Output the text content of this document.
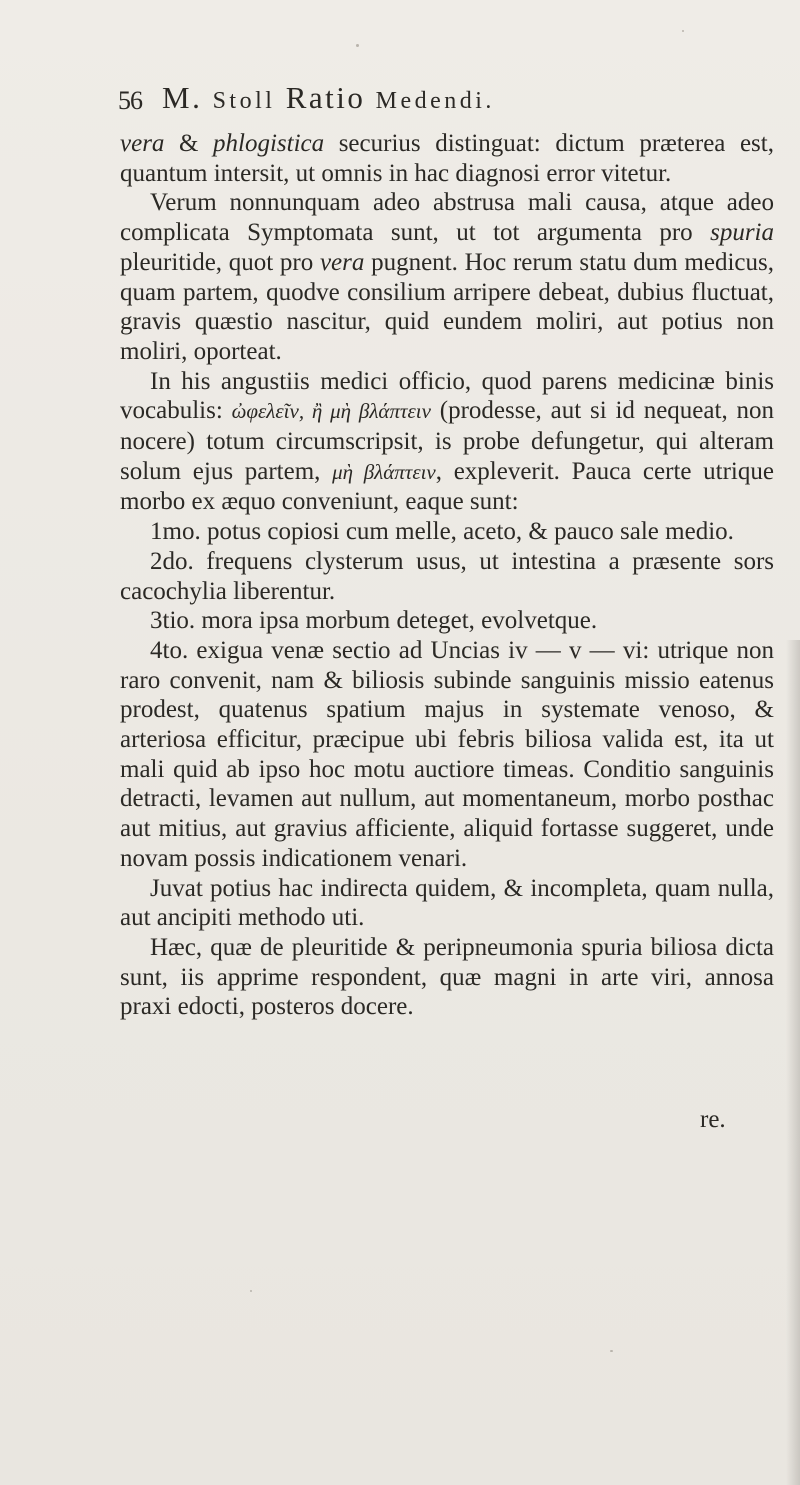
56 M. Stoll Ratio Medendi.

vera & phlogistica securius distinguat: dictum præterea est, quantum intersit, ut omnis in hac diagnosi error vitetur.

Verum nonnunquam adeo abstrusa mali causa, atque adeo complicata Symptomata sunt, ut tot argumenta pro spuria pleuritide, quot pro vera pugnent. Hoc rerum statu dum medicus, quam partem, quodve consilium arripere debeat, dubius fluctuat, gravis quæstio nascitur, quid eundem moliri, aut potius non moliri, oporteat.

In his angustiis medici officio, quod parens medicinæ binis vocabulis: ὠφελεῖν, ἢ μὴ βλάπτειν (prodesse, aut si id nequeat, non nocere) totum circumscripsit, is probe defungetur, qui alteram solum ejus partem, μὴ βλάπτειν, expleverit. Pauca certe utrique morbo ex æquo conveniunt, eaque sunt:

1mo. potus copiosi cum melle, aceto, & pauco sale medio.

2do. frequens clysterum usus, ut intestina a præsente sors cacochylia liberentur.

3tio. mora ipsa morbum deteget, evolvetque.

4to. exigua venæ sectio ad Uncias iv — v — vi: utrique non raro convenit, nam & biliosis subinde sanguinis missio eatenus prodest, quatenus spatium majus in systemate venoso, & arteriosa efficitur, præcipue ubi febris biliosa valida est, ita ut mali quid ab ipso hoc motu auctiore timeas. Conditio sanguinis detracti, levamen aut nullum, aut momentaneum, morbo posthac aut mitius, aut gravius afficiente, aliquid fortasse suggeret, unde novam possis indicationem venari.

Juvat potius hac indirecta quidem, & incompleta, quam nulla, aut ancipiti methodo uti.

Hæc, quæ de pleuritide & peripneumonia spuria biliosa dicta sunt, iis apprime respondent, quæ magni in arte viri, annosa praxi edocti, posteros docere.

re.
